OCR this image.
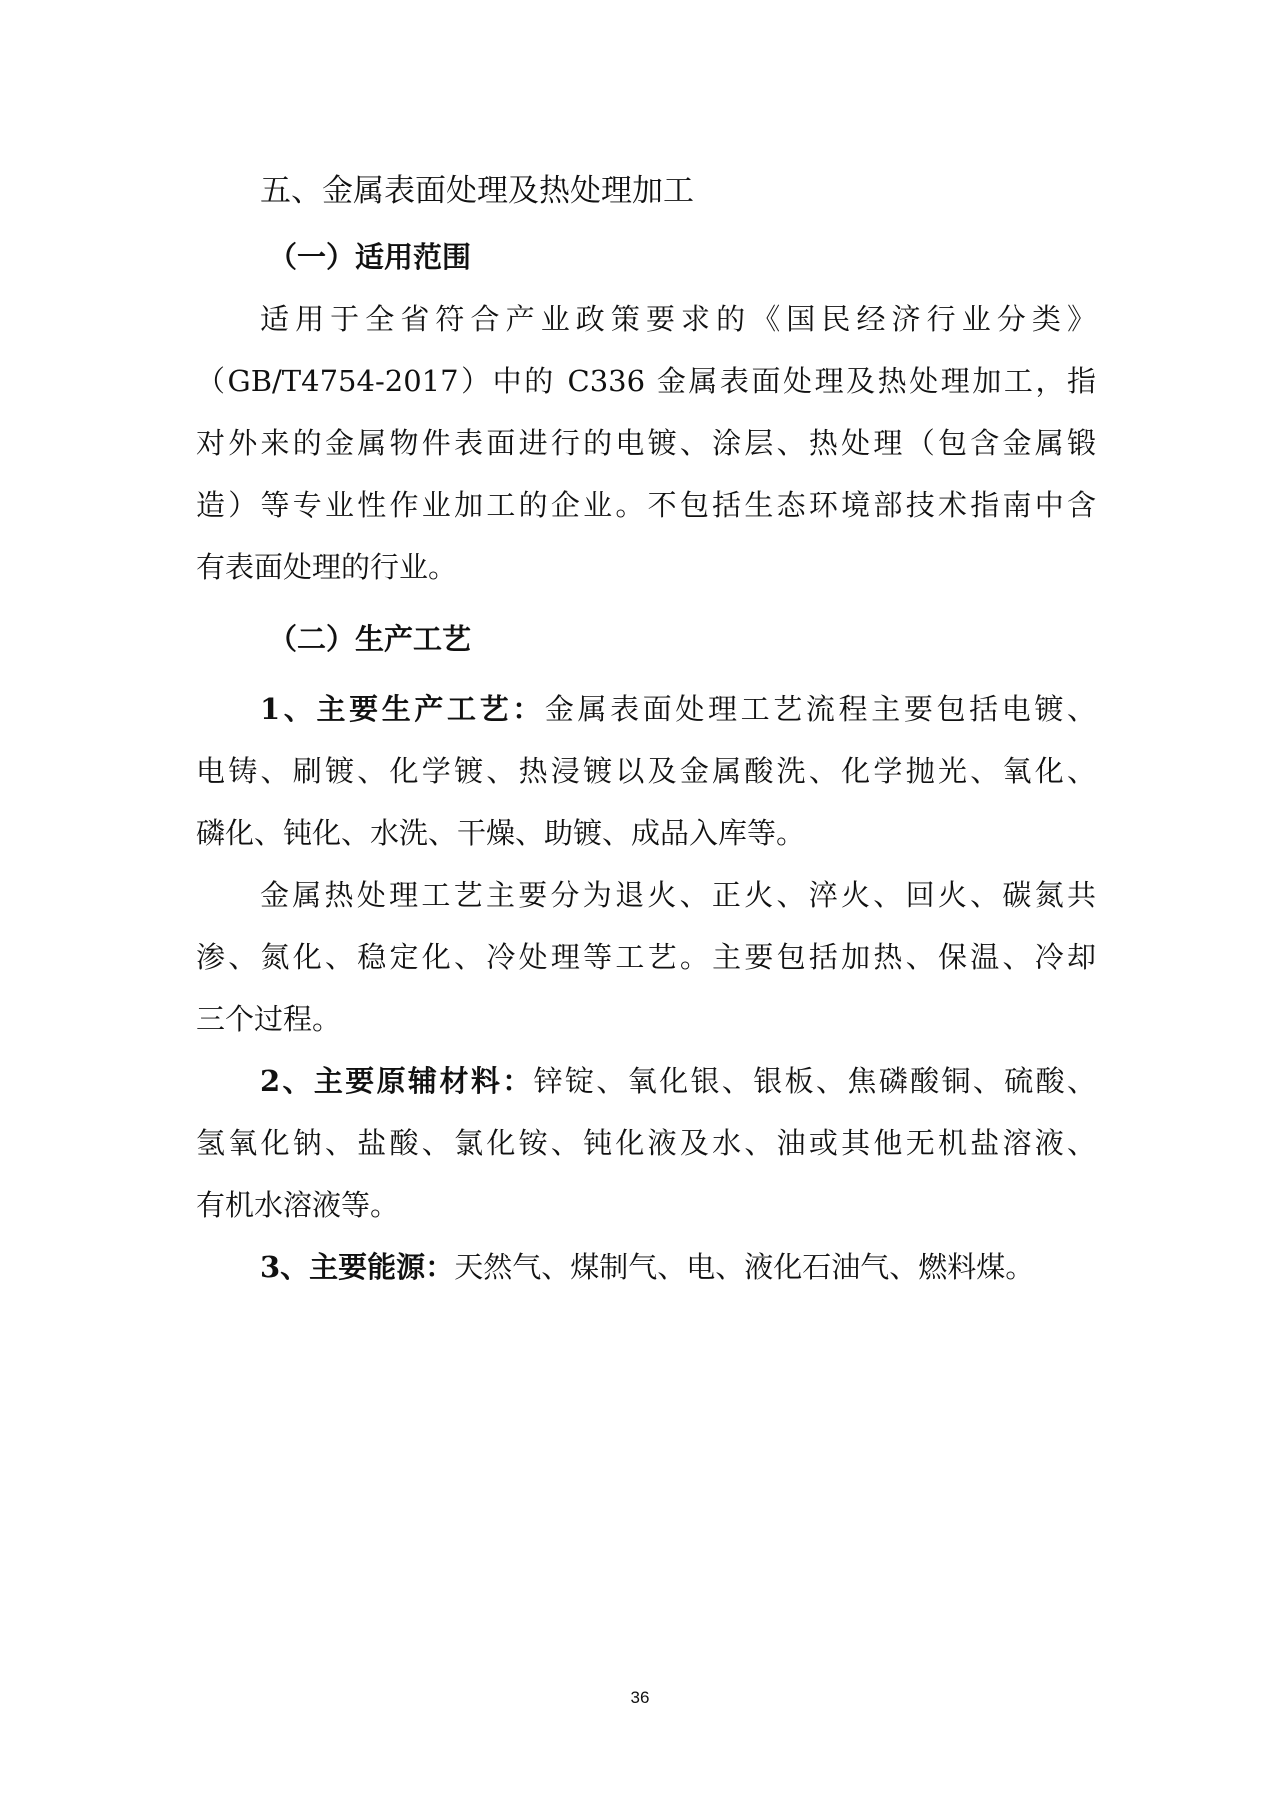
五、金属表面处理及热处理加工
（一）适用范围
适用于全省符合产业政策要求的《国民经济行业分类》
（GB/T4754-2017）中的 C336 金属表面处理及热处理加工，指
对外来的金属物件表面进行的电镀、涂层、热处理（包含金属锻
造）等专业性作业加工的企业。不包括生态环境部技术指南中含
有表面处理的行业。
（二）生产工艺
1、主要生产工艺：金属表面处理工艺流程主要包括电镀、
电铸、刷镀、化学镀、热浸镀以及金属酸洗、化学抛光、氧化、
磷化、钝化、水洗、干燥、助镀、成品入库等。
金属热处理工艺主要分为退火、正火、淬火、回火、碳氮共
渗、氮化、稳定化、冷处理等工艺。主要包括加热、保温、冷却
三个过程。
2、主要原辅材料：锌锭、氧化银、银板、焦磷酸铜、硫酸、
氢氧化钠、盐酸、氯化铵、钝化液及水、油或其他无机盐溶液、
有机水溶液等。
3、主要能源：天然气、煤制气、电、液化石油气、燃料煤。
36
